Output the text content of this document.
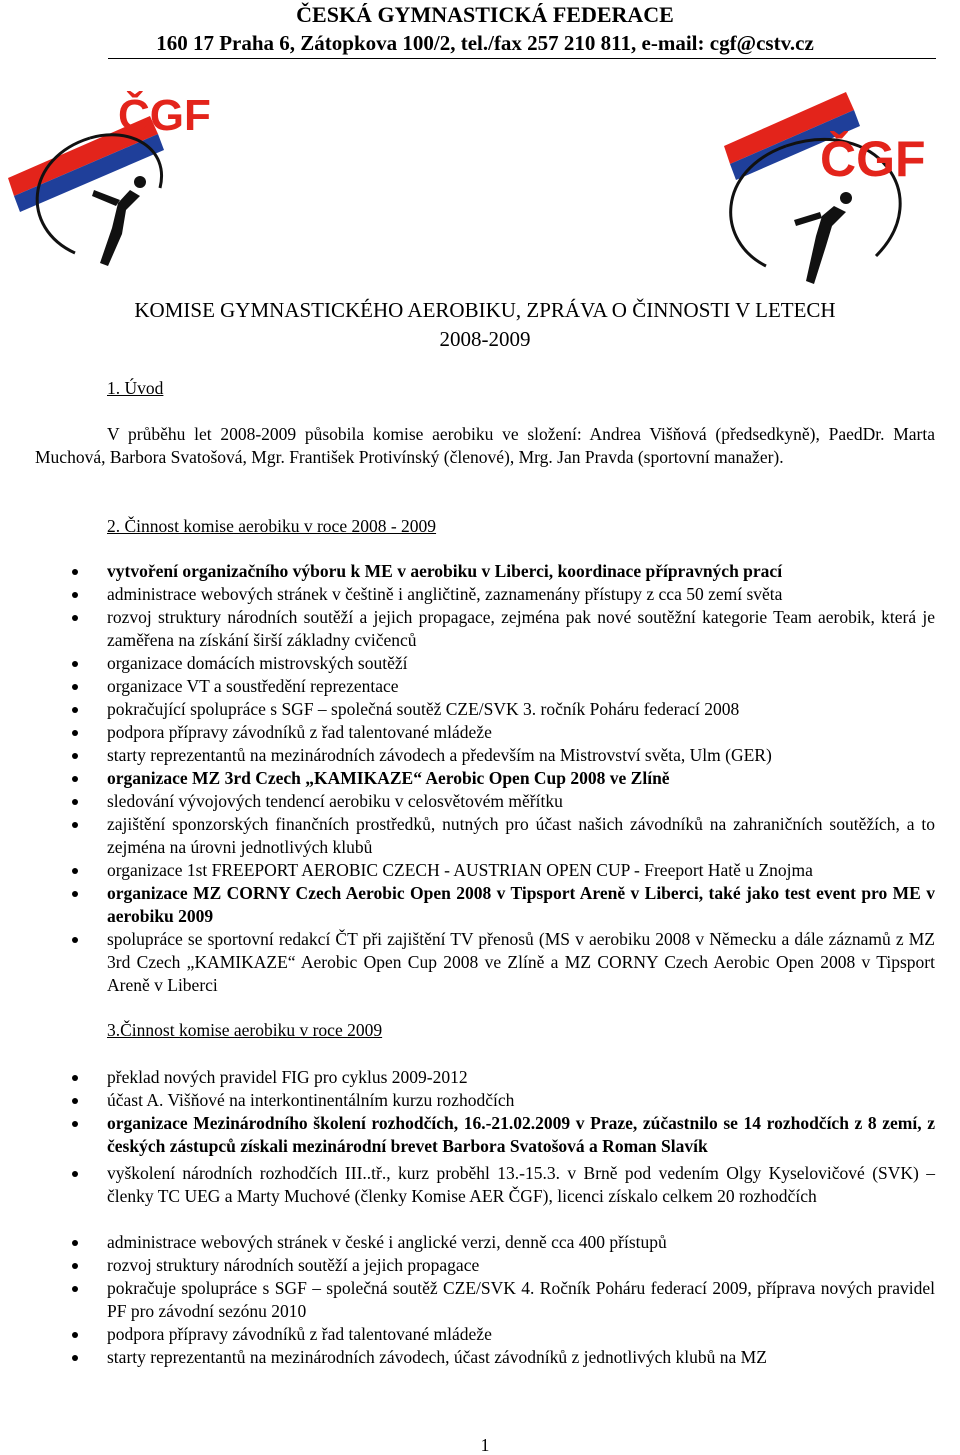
ČESKÁ GYMNASTICKÁ FEDERACE
160 17 Praha 6, Zátopkova 100/2, tel./fax 257 210 811, e-mail: cgf@cstv.cz
ČGF
ČGF
KOMISE GYMNASTICKÉHO AEROBIKU, ZPRÁVA O ČINNOSTI V LETECH
2008-2009
1. Úvod
V průběhu let 2008-2009 působila komise aerobiku ve složení: Andrea Višňová (předsedkyně), PaedDr. Marta Muchová, Barbora Svatošová, Mgr. František Protivínský (členové), Mrg. Jan Pravda (sportovní manažer).
2. Činnost komise aerobiku v roce 2008 - 2009
vytvoření organizačního výboru k ME v aerobiku v Liberci, koordinace přípravných prací
administrace webových stránek v češtině i angličtině, zaznamenány přístupy z cca 50 zemí světa
rozvoj struktury národních soutěží a jejich propagace, zejména pak nové soutěžní kategorie Team aerobik, která je zaměřena na získání širší základny cvičenců
organizace domácích mistrovských soutěží
organizace VT a soustředění reprezentace
pokračující spolupráce s SGF – společná soutěž CZE/SVK 3. ročník Poháru federací 2008
podpora přípravy závodníků z řad talentované mládeže
starty reprezentantů na mezinárodních závodech a především na Mistrovství světa, Ulm (GER)
organizace MZ 3rd Czech „KAMIKAZE“ Aerobic Open Cup 2008 ve Zlíně
sledování vývojových tendencí aerobiku v celosvětovém měřítku
zajištění sponzorských finančních prostředků, nutných pro účast našich závodníků na zahraničních soutěžích, a to zejména na úrovni jednotlivých klubů
organizace 1st FREEPORT AEROBIC CZECH - AUSTRIAN OPEN CUP - Freeport Hatě u Znojma
organizace MZ CORNY Czech Aerobic Open 2008 v Tipsport Areně v Liberci, také jako test event pro ME v aerobiku 2009
spolupráce se sportovní redakcí ČT při zajištění TV přenosů (MS v aerobiku 2008 v Německu a dále záznamů z MZ 3rd Czech „KAMIKAZE“ Aerobic Open Cup 2008 ve Zlíně a MZ CORNY Czech Aerobic Open 2008 v Tipsport Areně v Liberci
3.Činnost komise aerobiku v roce 2009
překlad nových pravidel FIG pro cyklus 2009-2012
účast A. Višňové na interkontinentálním kurzu rozhodčích
organizace Mezinárodního školení rozhodčích, 16.-21.02.2009 v Praze, zúčastnilo se 14 rozhodčích z 8 zemí, z českých zástupců získali mezinárodní brevet Barbora Svatošová a Roman Slavík
vyškolení národních rozhodčích III..tř., kurz proběhl 13.-15.3. v Brně pod vedením Olgy Kyselovičové (SVK) – členky TC UEG a Marty Muchové (členky Komise AER ČGF), licenci získalo celkem 20 rozhodčích
administrace webových stránek v české i anglické verzi, denně cca 400 přístupů
rozvoj struktury národních soutěží a jejich propagace
pokračuje spolupráce s SGF – společná soutěž CZE/SVK 4. Ročník Poháru federací 2009, příprava nových pravidel PF pro závodní sezónu 2010
podpora přípravy závodníků z řad talentované mládeže
starty reprezentantů na mezinárodních závodech, účast závodníků z jednotlivých klubů na MZ
1
